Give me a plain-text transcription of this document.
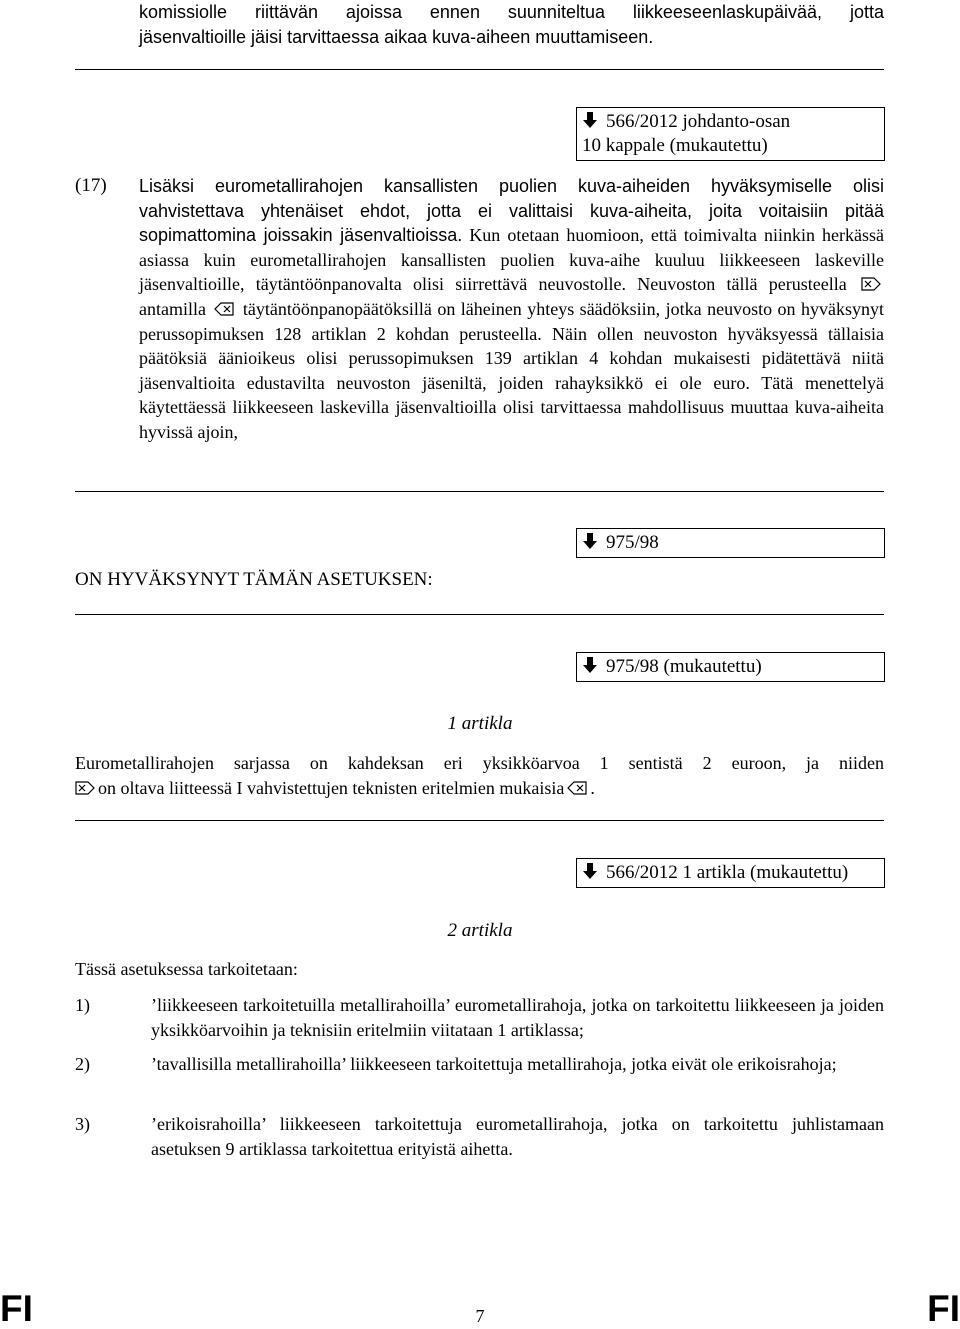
komissiolle riittävän ajoissa ennen suunniteltua liikkeeseenlaskupäivää, jotta
jäsenvaltioille jäisi tarvittaessa aikaa kuva-aiheen muuttamiseen.
566/2012 johdanto-osan
10 kappale (mukautettu)
(17) Lisäksi eurometallirahojen kansallisten puolien kuva-aiheiden hyväksymiselle olisi vahvistettava yhtenäiset ehdot, jotta ei valittaisi kuva-aiheita, joita voitaisiin pitää sopimattomina joissakin jäsenvaltioissa. Kun otetaan huomioon, että toimivalta niinkin herkässä asiassa kuin eurometallirahojen kansallisten puolien kuva-aihe kuuluu liikkeeseen laskeville jäsenvaltioille, täytäntöönpanovalta olisi siirrettävä neuvostolle. Neuvoston tällä perusteella  antamilla täytäntöönpanopäätöksillä on läheinen yhteys säädöksiin, jotka neuvosto on hyväksynyt perussopimuksen 128 artiklan 2 kohdan perusteella. Näin ollen neuvoston hyväksyessä tällaisia päätöksiä äänioikeus olisi perussopimuksen 139 artiklan 4 kohdan mukaisesti pidätettävä niitä jäsenvaltioita edustavilta neuvoston jäseniltä, joiden rahayksikkö ei ole euro. Tätä menettelyä käytettäessä liikkeeseen laskevilla jäsenvaltioilla olisi tarvittaessa mahdollisuus muuttaa kuva-aiheita hyvissä ajoin,
975/98
ON HYVÄKSYNYT TÄMÄN ASETUKSEN:
975/98 (mukautettu)
1 artikla
Eurometallirahojen sarjassa on kahdeksan eri yksikköarvoa 1 sentistä 2 euroon, ja niiden
on oltava liitteessä I vahvistettujen teknisten eritelmien mukaisia .
566/2012 1 artikla (mukautettu)
2 artikla
Tässä asetuksessa tarkoitetaan:
1)	’liikkeeseen tarkoitetuilla metallirahoilla’ eurometallirahoja, jotka on tarkoitettu liikkeeseen ja joiden yksikköarvoihin ja teknisiin eritelmiin viitataan 1 artiklassa;
2)	’tavallisilla metallirahoilla’ liikkeeseen tarkoitettuja metallirahoja, jotka eivät ole erikoisrahoja;
3)	’erikoisrahoilla’ liikkeeseen tarkoitettuja eurometallirahoja, jotka on tarkoitettu juhlistamaan asetuksen 9 artiklassa tarkoitettua erityistä aihetta.
FI	7	FI
